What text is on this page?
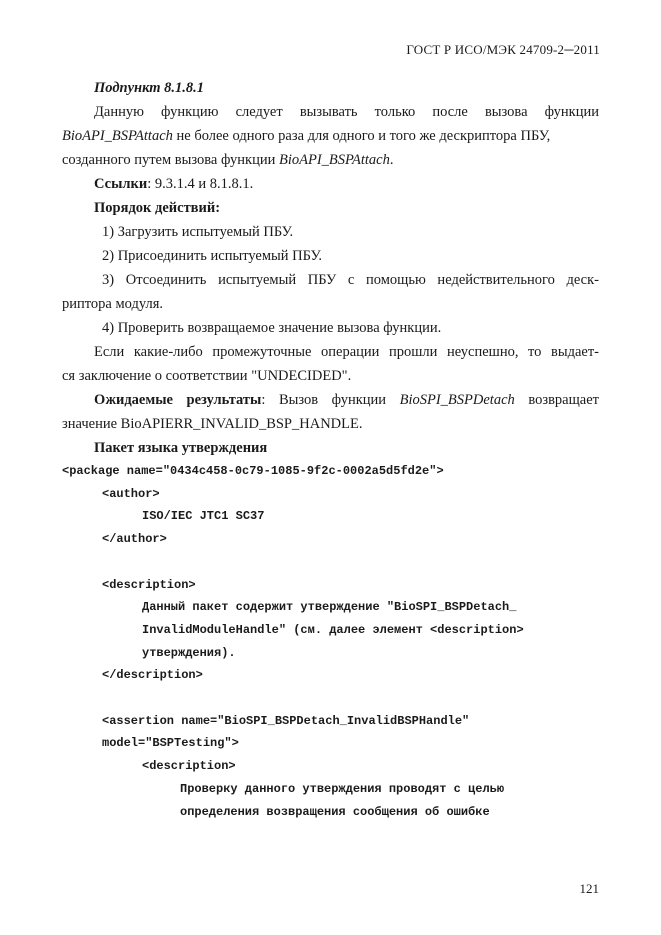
ГОСТ Р ИСО/МЭК 24709-2─2011

Подпункт 8.1.8.1

Данную функцию следует вызывать только после вызова функции

BioAPI_BSPAttach не более одного раза для одного и того же дескриптора ПБУ,

созданного путем вызова функции BioAPI_BSPAttach.

Ссылки: 9.3.1.4 и 8.1.8.1.

Порядок действий:

1) Загрузить испытуемый ПБУ.

2) Присоединить испытуемый ПБУ.

3) Отсоединить испытуемый ПБУ с помощью недействительного деск-

риптора модуля.

4) Проверить возвращаемое значение вызова функции.

Если какие-либо промежуточные операции прошли неуспешно, то выдает-

ся заключение о соответствии "UNDECIDED".

Ожидаемые результаты: Вызов функции BioSPI_BSPDetach возвращает

значение BioAPIERR_INVALID_BSP_HANDLE.

Пакет языка утверждения

<package name="0434c458-0c79-1085-9f2c-0002a5d5fd2e">

<author>

ISO/IEC JTC1 SC37

</author>

<description>

Данный пакет содержит утверждение "BioSPI_BSPDetach_

InvalidModuleHandle" (см. далее элемент <description>

утверждения).

</description>

<assertion name="BioSPI_BSPDetach_InvalidBSPHandle"

model="BSPTesting">

<description>

Проверку данного утверждения проводят с целью

определения возвращения сообщения об ошибке

121
